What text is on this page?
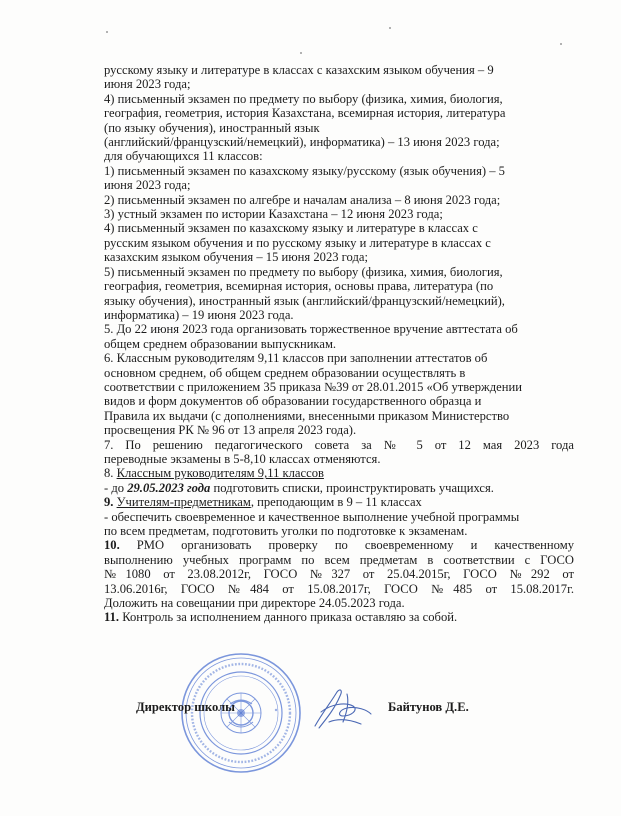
русскому языку и литературе в классах с казахским языком обучения – 9
июня 2023 года;
4) письменный экзамен по предмету по выбору (физика, химия, биология,
география, геометрия, история Казахстана, всемирная история, литература
(по языку обучения), иностранный язык
(английский/французский/немецкий), информатика) – 13 июня 2023 года;
для обучающихся 11 классов:
1) письменный экзамен по казахскому языку/русскому (язык обучения) – 5
июня 2023 года;
2) письменный экзамен по алгебре и началам анализа – 8 июня 2023 года;
3) устный экзамен по истории Казахстана – 12 июня 2023 года;
4) письменный экзамен по казахскому языку и литературе в классах с
русским языком обучения и по русскому языку и литературе в классах с
казахским языком обучения – 15 июня 2023 года;
5) письменный экзамен по предмету по выбору (физика, химия, биология,
география, геометрия, всемирная история, основы права, литература (по
языку обучения), иностранный язык (английский/французский/немецкий),
информатика) – 19 июня 2023 года.
5. До 22 июня 2023 года организовать торжественное вручение авттестата об
общем среднем образовании выпускникам.
6. Классным руководителям 9,11 классов при заполнении аттестатов об
основном среднем, об общем среднем образовании осуществлять в
соответствии с приложением 35 приказа №39 от 28.01.2015 «Об утверждении
видов и форм документов об образовании государственного образца и
Правила их выдачи (с дополнениями, внесенными приказом Министерство
просвещения РК № 96 от 13 апреля 2023 года).
7. По решению педагогического совета за № 5 от 12 мая 2023 года
переводные экзамены в 5-8,10 классах отменяются.
8. Классным руководителям 9,11 классов
- до 29.05.2023 года подготовить списки, проинструктировать учащихся.
9. Учителям-предметникам, преподающим в 9 – 11 классах
- обеспечить своевременное и качественное выполнение учебной программы
по всем предметам, подготовить уголки по подготовке к экзаменам.
10. РМО организовать проверку по своевременному и качественному
выполнению учебных программ по всем предметам в соответствии с ГОСО
№1080 от 23.08.2012г, ГОСО №327 от 25.04.2015г, ГОСО №292 от
13.06.2016г, ГОСО №484 от 15.08.2017г, ГОСО №485 от 15.08.2017г.
Доложить на совещании при директоре 24.05.2023 года.
11. Контроль за исполнением данного приказа оставляю за собой.
Директор школы	Байтунов Д.Е.
